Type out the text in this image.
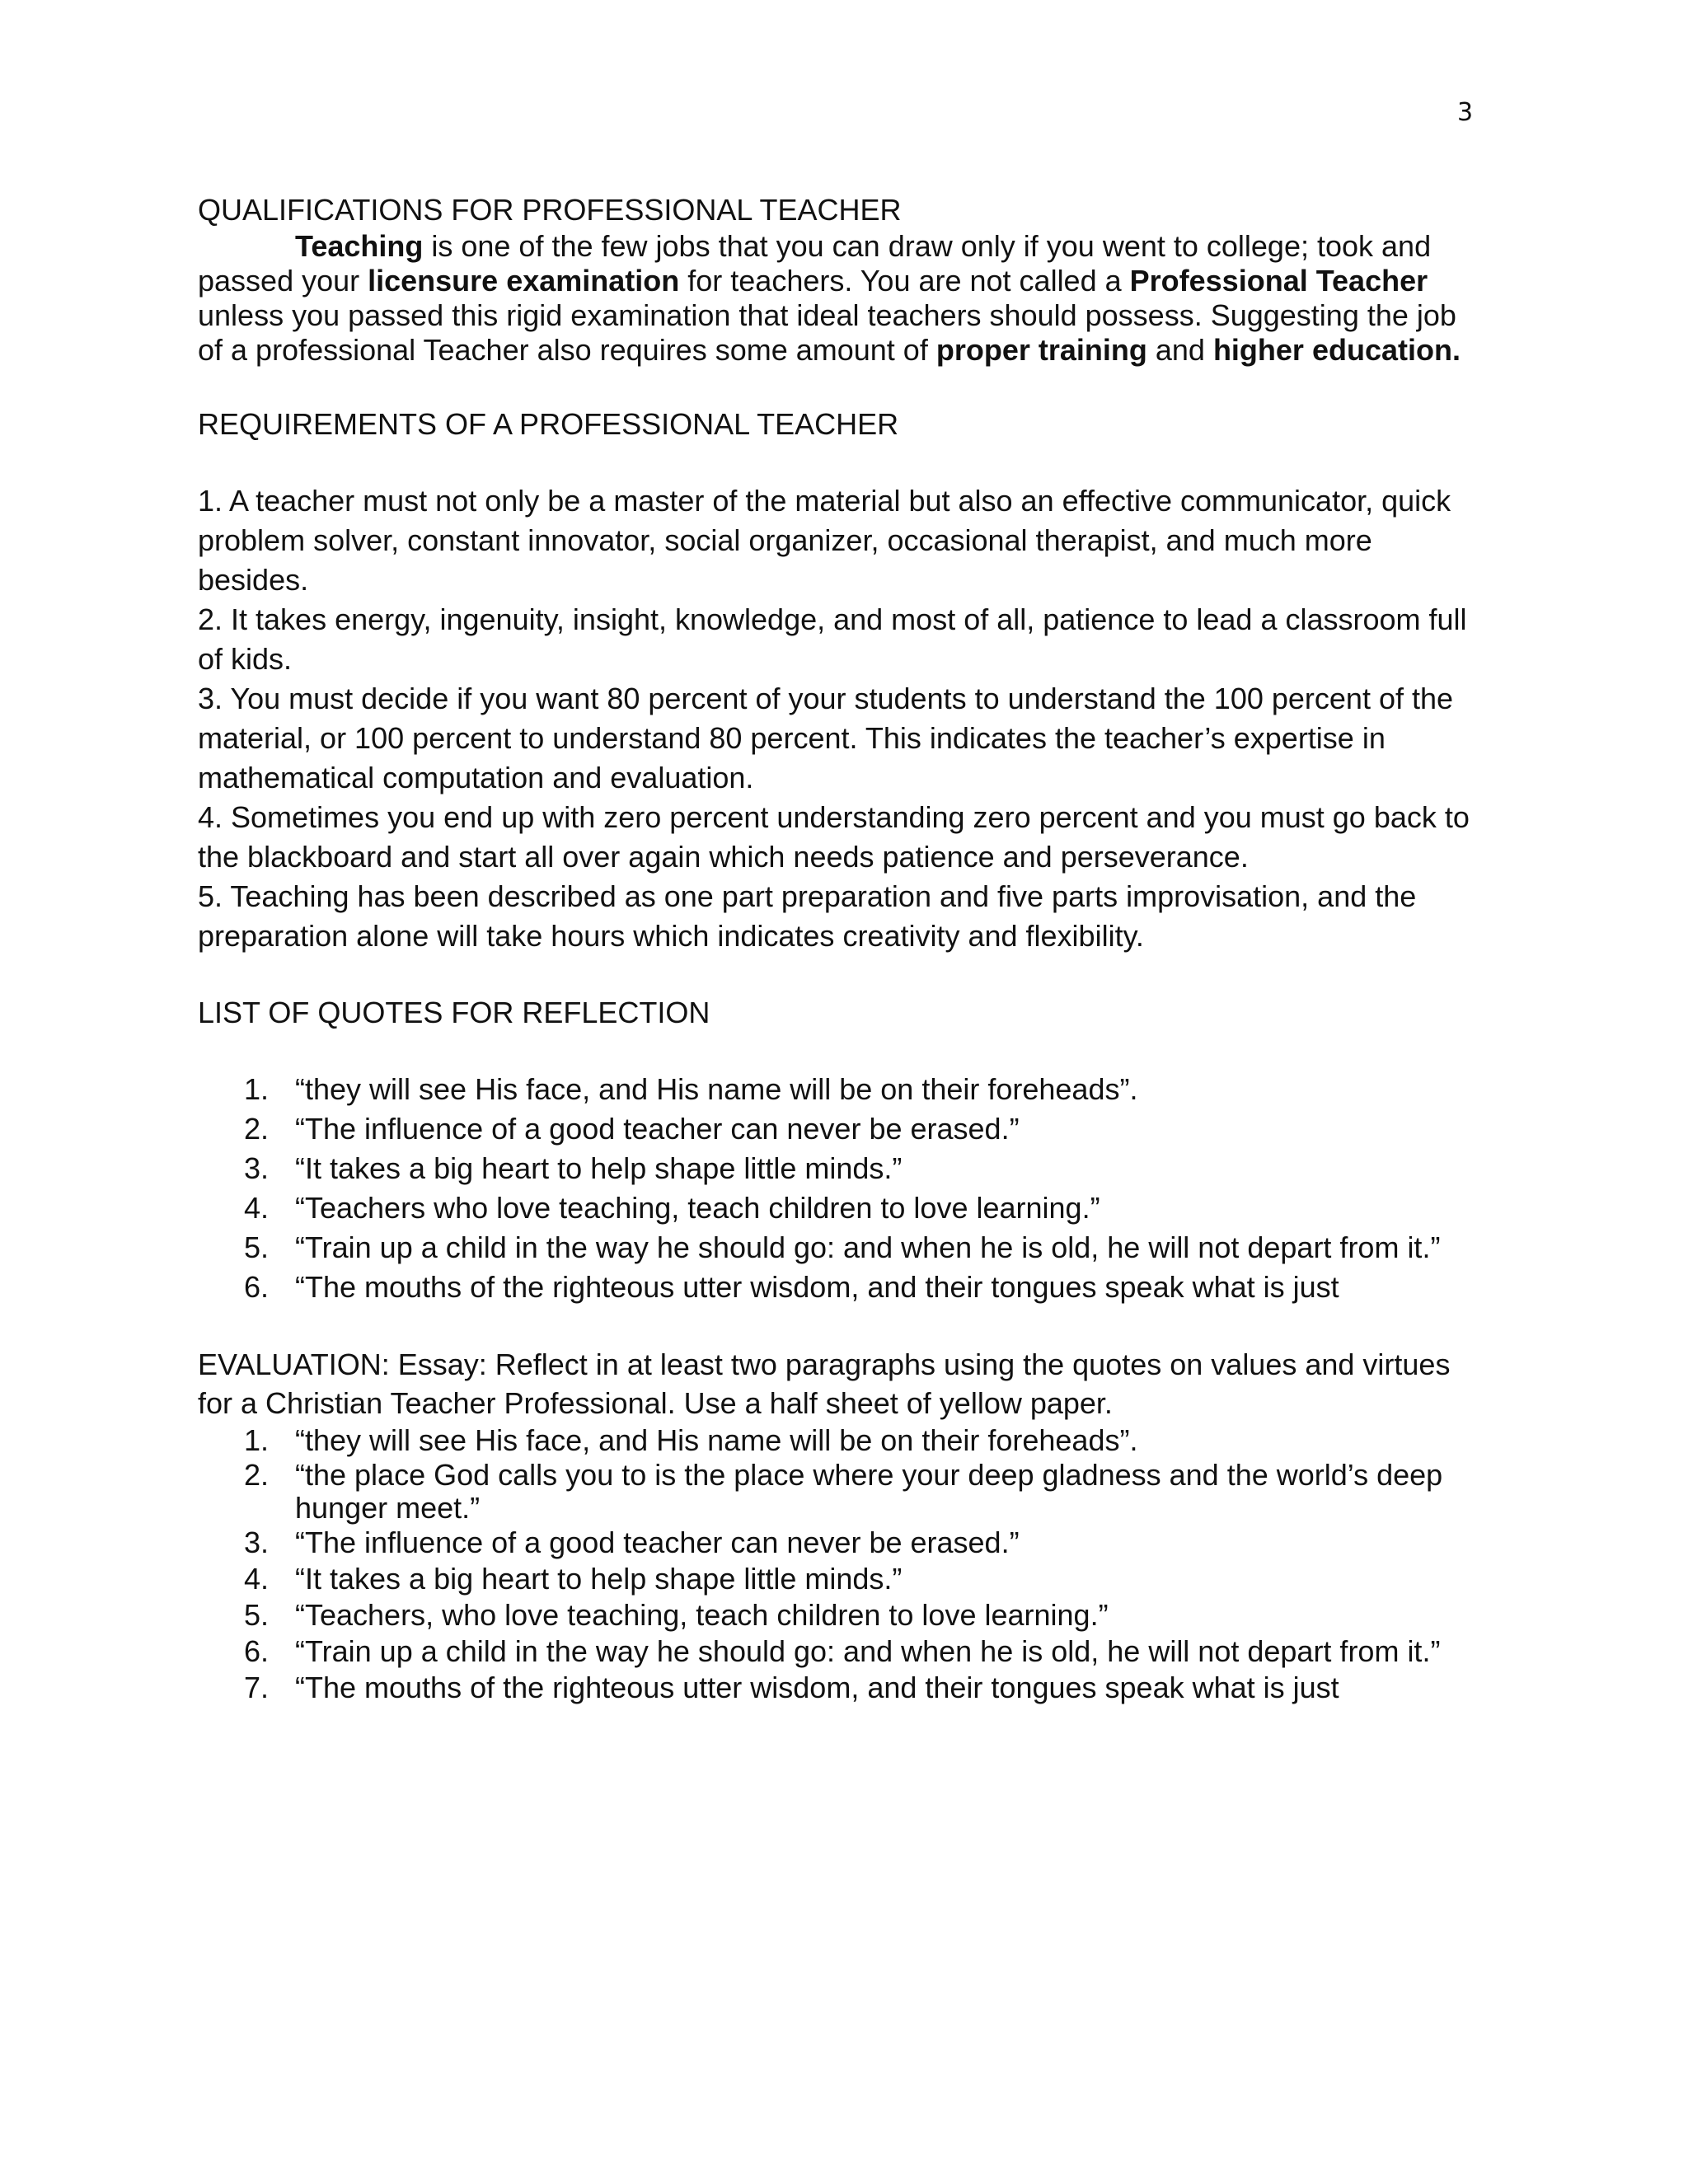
3
QUALIFICATIONS FOR PROFESSIONAL TEACHER

Teaching is one of the few jobs that you can draw only if you went to college; took and passed your licensure examination for teachers. You are not called a Professional Teacher unless you passed this rigid examination that ideal teachers should possess. Suggesting the job of a professional Teacher also requires some amount of proper training and higher education.

REQUIREMENTS OF A PROFESSIONAL TEACHER
1. A teacher must not only be a master of the material but also an effective communicator, quick problem solver, constant innovator, social organizer, occasional therapist, and much more besides.
2. It takes energy, ingenuity, insight, knowledge, and most of all, patience to lead a classroom full of kids.
3. You must decide if you want 80 percent of your students to understand the 100 percent of the material, or 100 percent to understand 80 percent. This indicates the teacher’s expertise in mathematical computation and evaluation.
4. Sometimes you end up with zero percent understanding zero percent and you must go back to the blackboard and start all over again which needs patience and perseverance.
5. Teaching has been described as one part preparation and five parts improvisation, and the preparation alone will take hours which indicates creativity and flexibility.
LIST OF QUOTES FOR REFLECTION
1. “they will see His face, and His name will be on their foreheads”.
2. “The influence of a good teacher can never be erased.”
3. “It takes a big heart to help shape little minds.”
4. “Teachers who love teaching, teach children to love learning.”
5. “Train up a child in the way he should go: and when he is old, he will not depart from it.”
6. “The mouths of the righteous utter wisdom, and their tongues speak what is just

EVALUATION: Essay: Reflect in at least two paragraphs using the quotes on values and virtues for a Christian Teacher Professional. Use a half sheet of yellow paper.

1. “they will see His face, and His name will be on their foreheads”.
2. “the place God calls you to is the place where your deep gladness and the world’s deep hunger meet.”
3. “The influence of a good teacher can never be erased.”
4. “It takes a big heart to help shape little minds.”
5. “Teachers, who love teaching, teach children to love learning.”
6. “Train up a child in the way he should go: and when he is old, he will not depart from it.”
7. “The mouths of the righteous utter wisdom, and their tongues speak what is just
